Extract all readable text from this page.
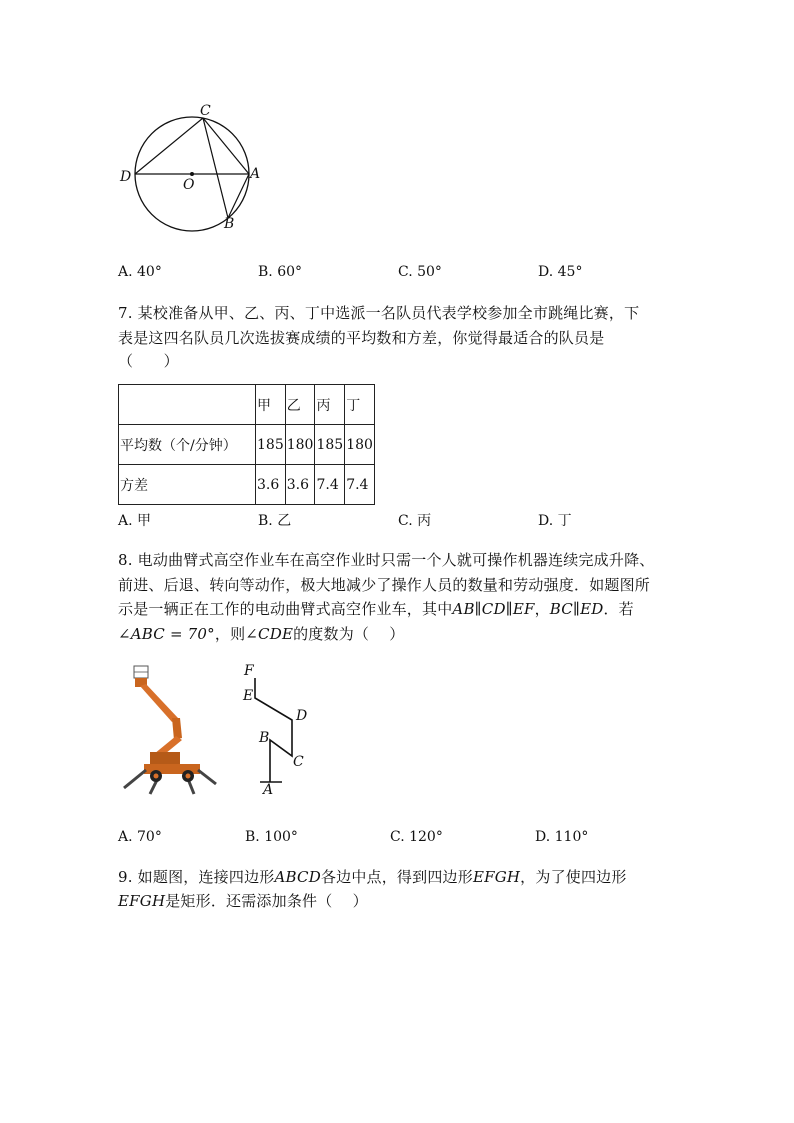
C
D	O
A
B
A. 40°	B. 60°	C. 50°	D. 45°
7. 某校准备从甲、乙、丙、丁中选派一名队员代表学校参加全市跳绳比赛，下
表是这四名队员几次选拔赛成绩的平均数和方差，你觉得最适合的队员是
（　　）
	甲	乙	丙	丁
平均数（个/分钟）	185	180	185	180
方差	3.6	3.6	7.4	7.4
A. 甲	B. 乙	C. 丙	D. 丁
8. 电动曲臂式高空作业车在高空作业时只需一个人就可操作机器连续完成升降、
前进、后退、转向等动作，极大地减少了操作人员的数量和劳动强度．如题图所
示是一辆正在工作的电动曲臂式高空作业车，其中AB∥CD∥EF，BC∥ED．若
∠ABC = 70°，则∠CDE的度数为（　 ）
F
E
D
B
C
A
A. 70°	B. 100°	C. 120°	D. 110°
9. 如题图，连接四边形ABCD各边中点，得到四边形EFGH，为了使四边形
EFGH是矩形．还需添加条件（　 ）
